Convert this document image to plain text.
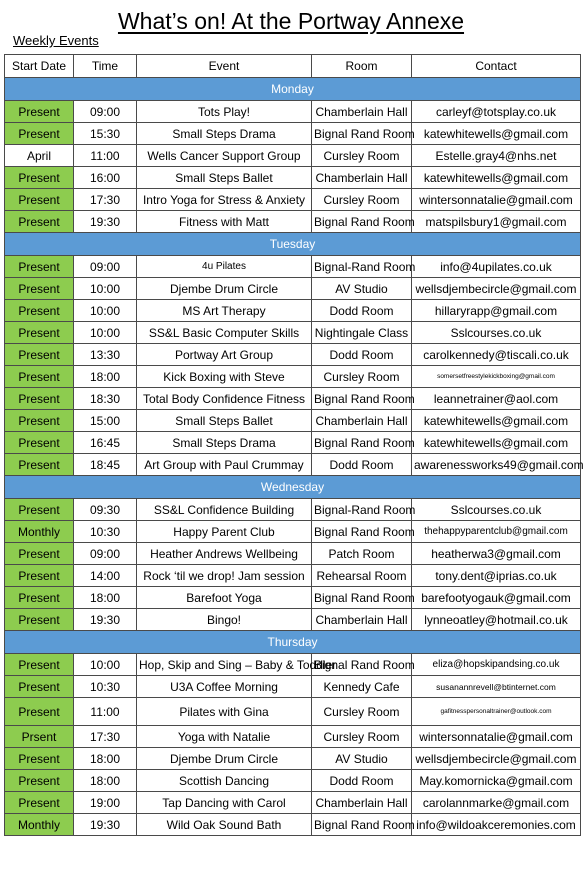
What’s on! At the Portway Annexe
Weekly Events
Start Date	Time	Event	Room	Contact
Monday				
Present	09:00	Tots Play!	Chamberlain Hall	carleyf@totsplay.co.uk
Present	15:30	Small Steps Drama	Bignal Rand Room	katewhitewells@gmail.com
April	11:00	Wells Cancer Support Group	Cursley Room	Estelle.gray4@nhs.net
Present	16:00	Small Steps Ballet	Chamberlain Hall	katewhitewells@gmail.com
Present	17:30	Intro Yoga for Stress & Anxiety	Cursley Room	wintersonnatalie@gmail.com
Present	19:30	Fitness with Matt	Bignal Rand Room	matspilsbury1@gmail.com
Tuesday				
Present	09:00	4u Pilates	Bignal-Rand Room	info@4upilates.co.uk
Present	10:00	Djembe Drum Circle	AV Studio	wellsdjembecircle@gmail.com
Present	10:00	MS Art Therapy	Dodd Room	hillaryrapp@gmail.com
Present	10:00	SS&L Basic Computer Skills	Nightingale Class	Sslcourses.co.uk
Present	13:30	Portway Art Group	Dodd Room	carolkennedy@tiscali.co.uk
Present	18:00	Kick Boxing with Steve	Cursley Room	somersetfreestylekickboxing@gmail.com
Present	18:30	Total Body Confidence Fitness	Bignal Rand Room	leannetrainer@aol.com
Present	15:00	Small Steps Ballet	Chamberlain Hall	katewhitewells@gmail.com
Present	16:45	Small Steps Drama	Bignal Rand Room	katewhitewells@gmail.com
Present	18:45	Art Group with Paul Crummay	Dodd Room	awarenessworks49@gmail.com
Wednesday				
Present	09:30	SS&L Confidence Building	Bignal-Rand Room	Sslcourses.co.uk
Monthly	10:30	Happy Parent Club	Bignal Rand Room	thehappyparentclub@gmail.com
Present	09:00	Heather Andrews Wellbeing	Patch Room	heatherwa3@gmail.com
Present	14:00	Rock ‘til we drop! Jam session	Rehearsal Room	tony.dent@iprias.co.uk
Present	18:00	Barefoot Yoga	Bignal Rand Room	barefootyogauk@gmail.com
Present	19:30	Bingo!	Chamberlain Hall	lynneoatley@hotmail.co.uk
Thursday				
Present	10:00	Hop, Skip and Sing – Baby & Toddler	Bignal Rand Room	eliza@hopskipandsing.co.uk
Present	10:30	U3A Coffee Morning	Kennedy Cafe	susanannrevell@btinternet.com
Present	11:00	Pilates with Gina	Cursley Room	gafitnesspersonaltrainer@outlook.com
Prsent	17:30	Yoga with Natalie	Cursley Room	wintersonnatalie@gmail.com
Present	18:00	Djembe Drum Circle	AV Studio	wellsdjembecircle@gmail.com
Present	18:00	Scottish Dancing	Dodd Room	May.komornicka@gmail.com
Present	19:00	Tap Dancing with Carol	Chamberlain Hall	carolannmarke@gmail.com
Monthly	19:30	Wild Oak Sound Bath	Bignal Rand Room	info@wildoakceremonies.com
